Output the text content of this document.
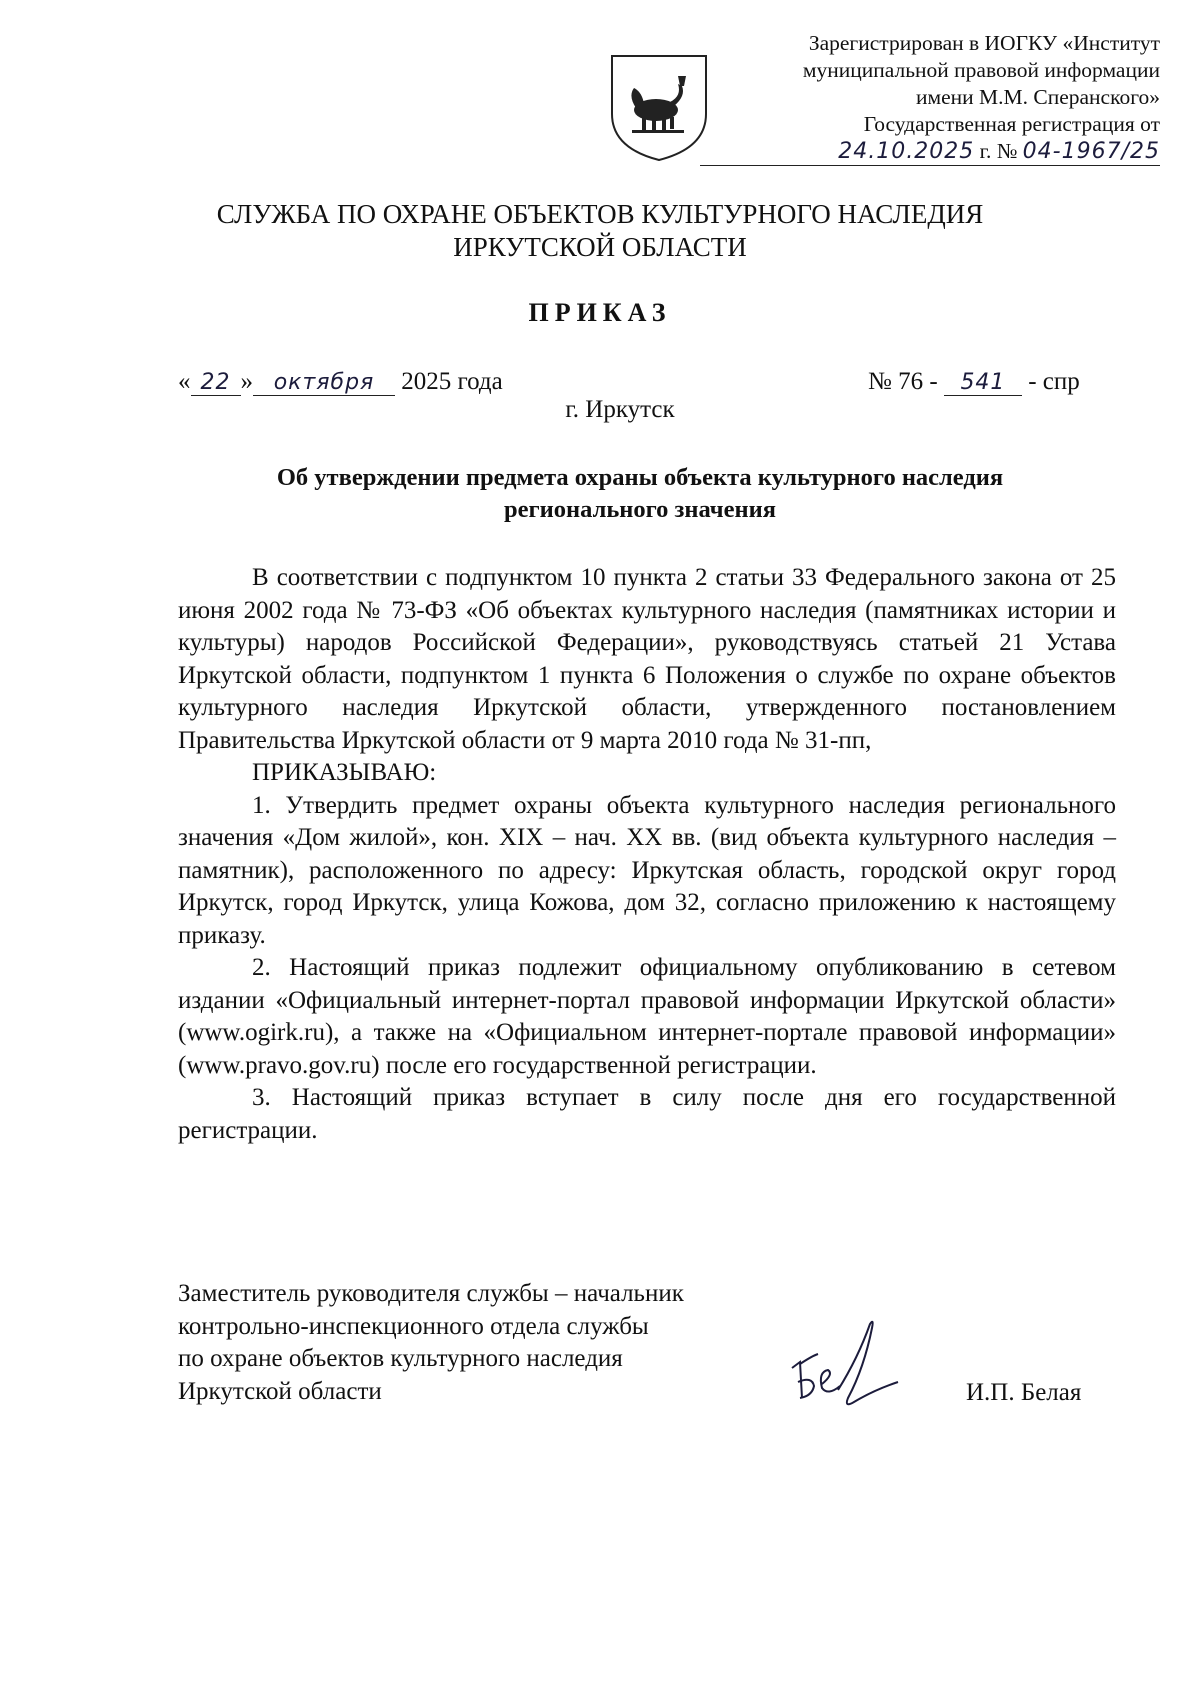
Зарегистрирован в ИОГКУ «Институт
муниципальной правовой информации
имени М.М. Сперанского»
Государственная регистрация от
24.10.2025 г. № 04-1967/25
СЛУЖБА ПО ОХРАНЕ ОБЪЕКТОВ КУЛЬТУРНОГО НАСЛЕДИЯ
ИРКУТСКОЙ ОБЛАСТИ
ПРИКАЗ
« 22 » октября 2025 года	№ 76 - 541 - спр
г. Иркутск
Об утверждении предмета охраны объекта культурного наследия регионального значения

В соответствии с подпунктом 10 пункта 2 статьи 33 Федерального закона от 25 июня 2002 года № 73-ФЗ «Об объектах культурного наследия (памятниках истории и культуры) народов Российской Федерации», руководствуясь статьей 21 Устава Иркутской области, подпунктом 1 пункта 6 Положения о службе по охране объектов культурного наследия Иркутской области, утвержденного постановлением Правительства Иркутской области от 9 марта 2010 года № 31-пп,

ПРИКАЗЫВАЮ:

1. Утвердить предмет охраны объекта культурного наследия регионального значения «Дом жилой», кон. XIX – нач. XX вв. (вид объекта культурного наследия – памятник), расположенного по адресу: Иркутская область, городской округ город Иркутск, город Иркутск, улица Кожова, дом 32, согласно приложению к настоящему приказу.

2. Настоящий приказ подлежит официальному опубликованию в сетевом издании «Официальный интернет-портал правовой информации Иркутской области» (www.ogirk.ru), а также на «Официальном интернет-портале правовой информации» (www.pravo.gov.ru) после его государственной регистрации.

3. Настоящий приказ вступает в силу после дня его государственной регистрации.

Заместитель руководителя службы – начальник
контрольно-инспекционного отдела службы
по охране объектов культурного наследия
Иркутской области	И.П. Белая
